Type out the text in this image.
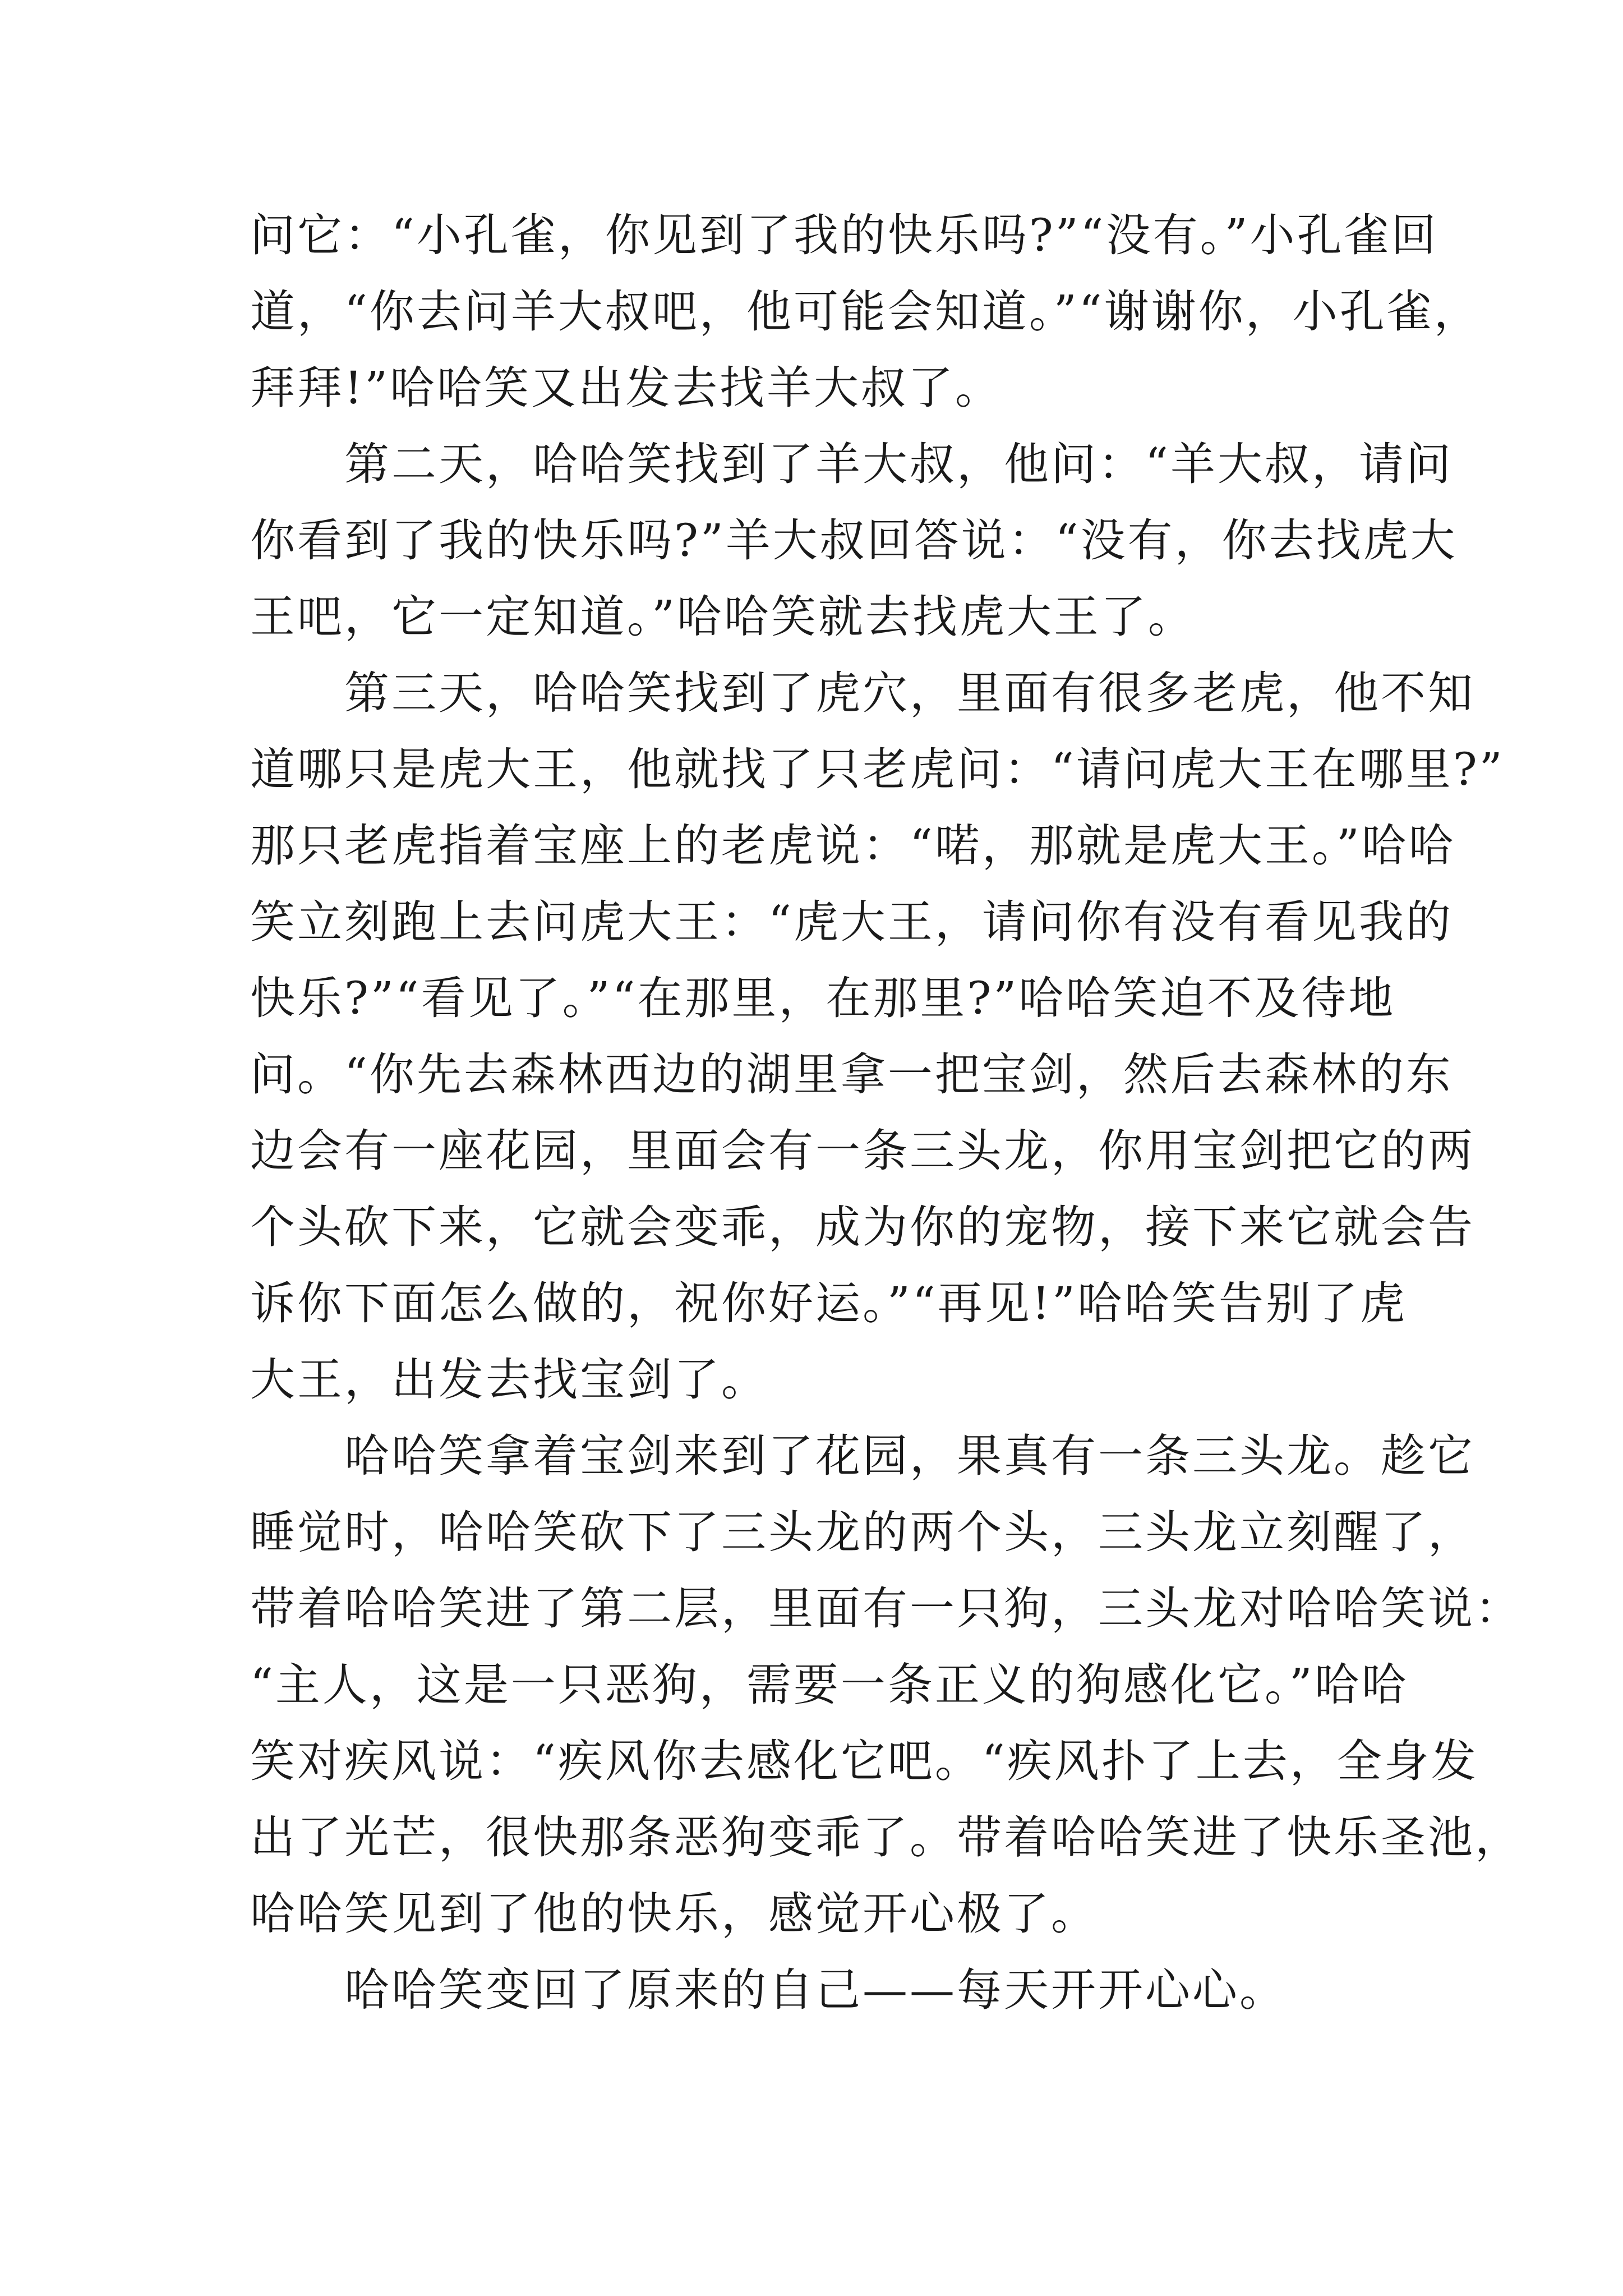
问它：“小孔雀，你见到了我的快乐吗?”“没有。”小孔雀回
道，“你去问羊大叔吧，他可能会知道。”“谢谢你，小孔雀，
拜拜!”哈哈笑又出发去找羊大叔了。
　　第二天，哈哈笑找到了羊大叔，他问：“羊大叔，请问
你看到了我的快乐吗?”羊大叔回答说：“没有，你去找虎大
王吧，它一定知道。”哈哈笑就去找虎大王了。
　　第三天，哈哈笑找到了虎穴，里面有很多老虎，他不知
道哪只是虎大王，他就找了只老虎问：“请问虎大王在哪里?”
那只老虎指着宝座上的老虎说：“喏，那就是虎大王。”哈哈
笑立刻跑上去问虎大王：“虎大王，请问你有没有看见我的
快乐?”“看见了。”“在那里，在那里?”哈哈笑迫不及待地
问。“你先去森林西边的湖里拿一把宝剑，然后去森林的东
边会有一座花园，里面会有一条三头龙，你用宝剑把它的两
个头砍下来，它就会变乖，成为你的宠物，接下来它就会告
诉你下面怎么做的，祝你好运。”“再见!”哈哈笑告别了虎
大王，出发去找宝剑了。
　　哈哈笑拿着宝剑来到了花园，果真有一条三头龙。趁它
睡觉时，哈哈笑砍下了三头龙的两个头，三头龙立刻醒了，
带着哈哈笑进了第二层，里面有一只狗，三头龙对哈哈笑说：
“主人，这是一只恶狗，需要一条正义的狗感化它。”哈哈
笑对疾风说：“疾风你去感化它吧。“疾风扑了上去，全身发
出了光芒，很快那条恶狗变乖了。带着哈哈笑进了快乐圣池，
哈哈笑见到了他的快乐，感觉开心极了。
　　哈哈笑变回了原来的自己——每天开开心心。
